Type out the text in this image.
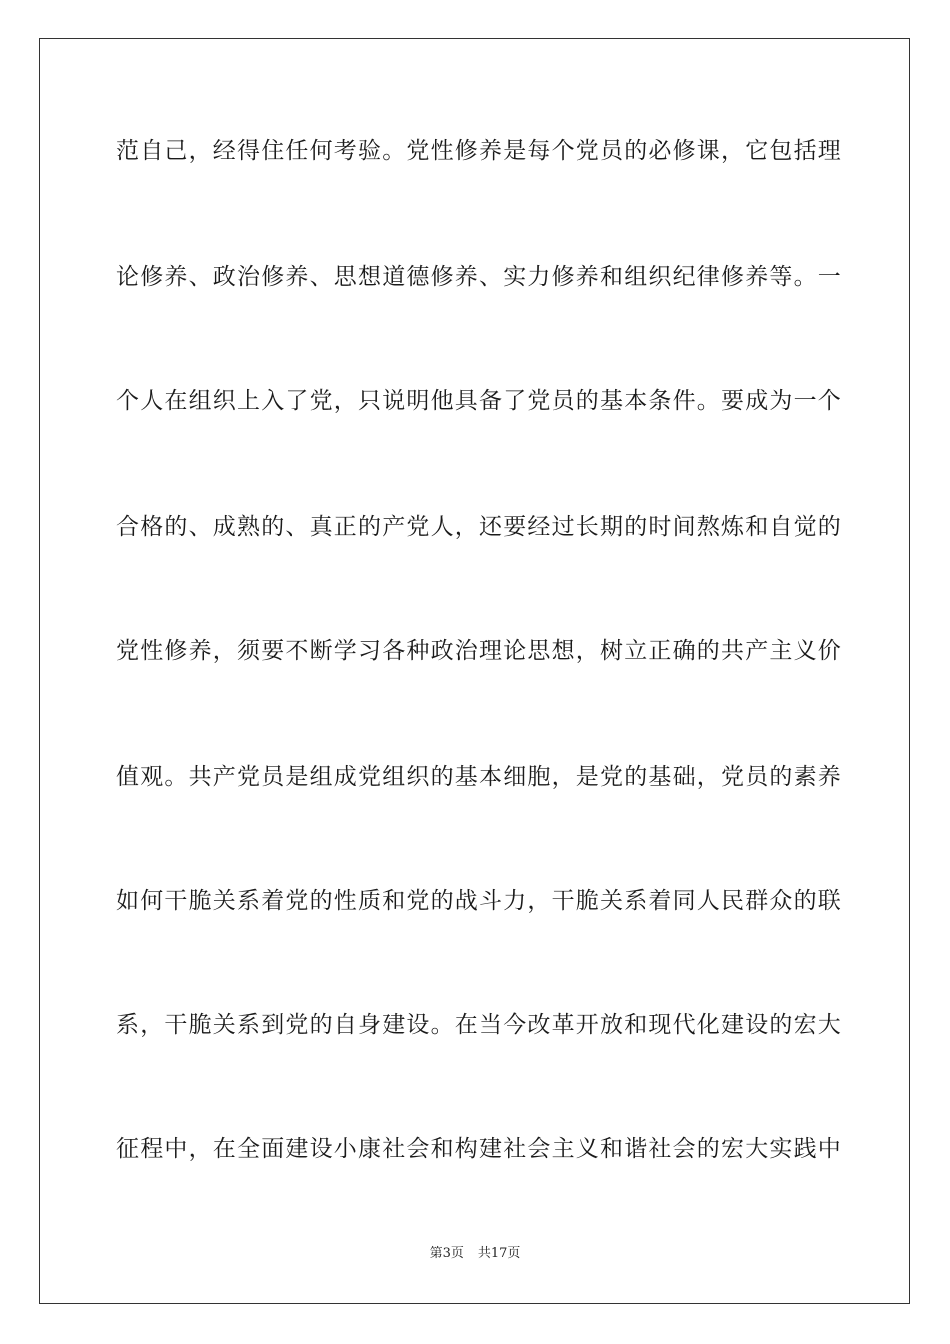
范自己，经得住任何考验。党性修养是每个党员的必修课，它包括理
论修养、政治修养、思想道德修养、实力修养和组织纪律修养等。一
个人在组织上入了党，只说明他具备了党员的基本条件。要成为一个
合格的、成熟的、真正的产党人，还要经过长期的时间熬炼和自觉的
党性修养，须要不断学习各种政治理论思想，树立正确的共产主义价
值观。共产党员是组成党组织的基本细胞，是党的基础，党员的素养
如何干脆关系着党的性质和党的战斗力，干脆关系着同人民群众的联
系，干脆关系到党的自身建设。在当今改革开放和现代化建设的宏大
征程中，在全面建设小康社会和构建社会主义和谐社会的宏大实践中
第3页 共17页
